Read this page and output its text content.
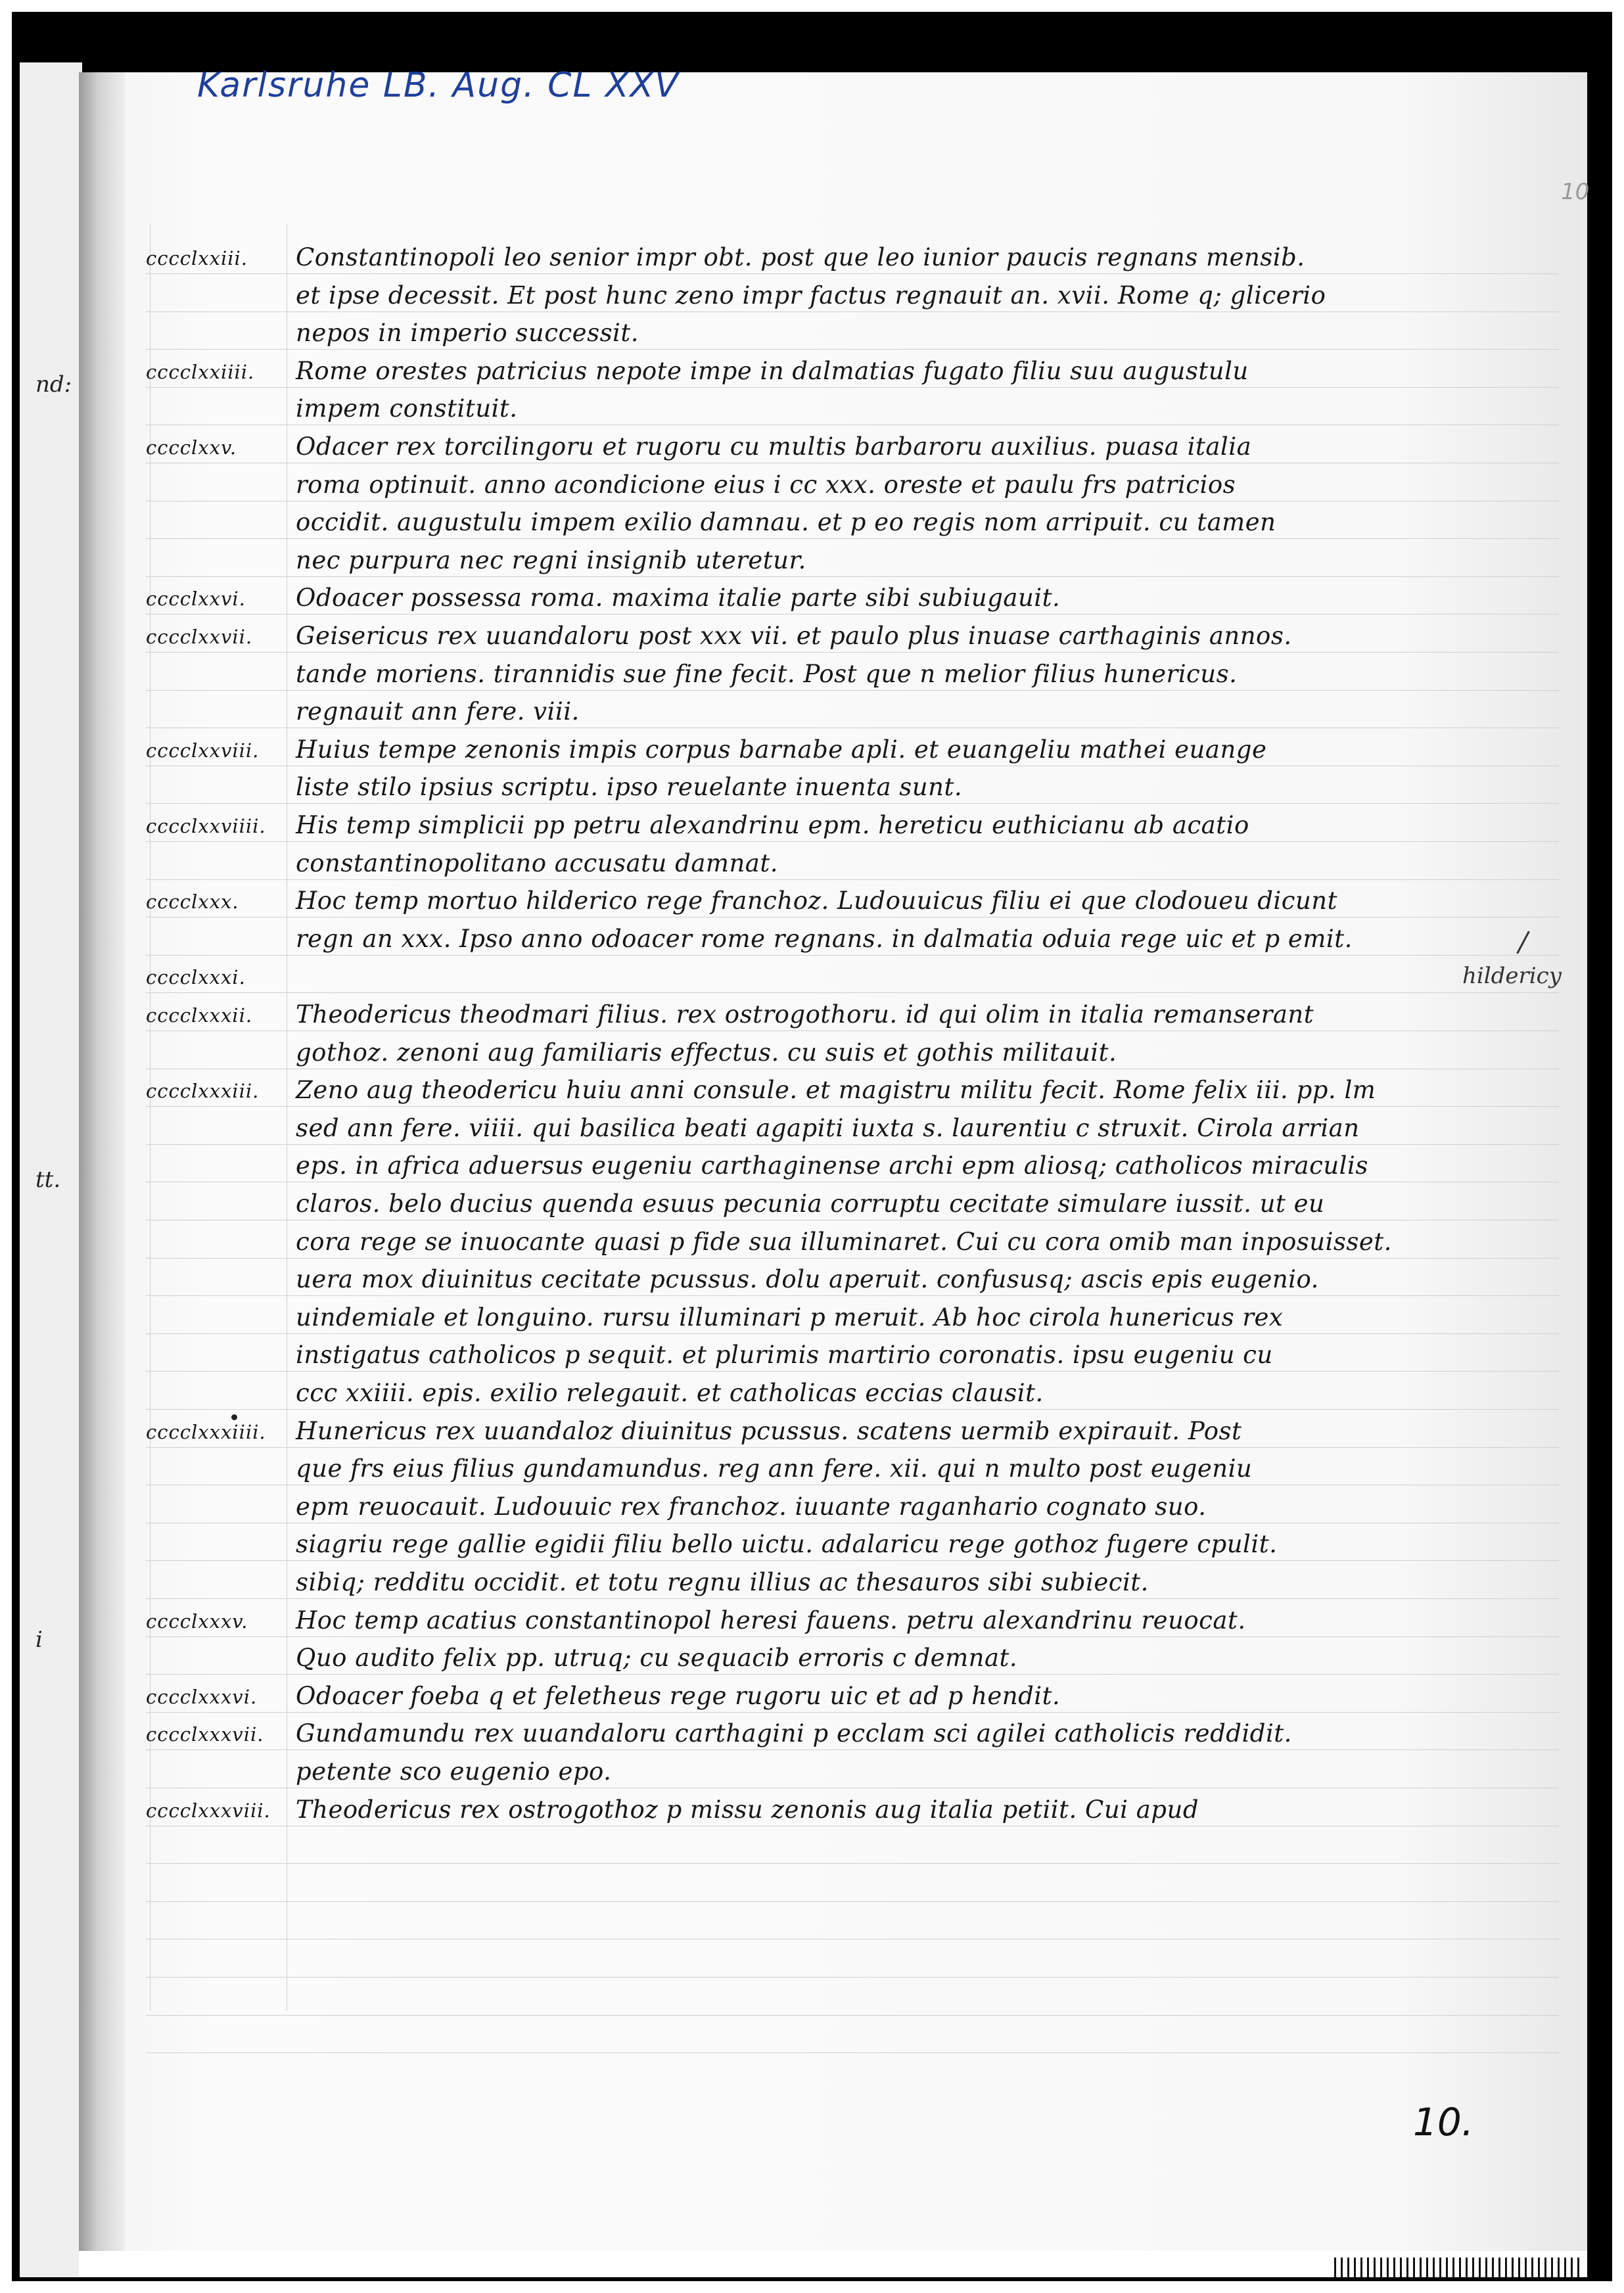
nd:
tt.
i
Karlsruhe LB. Aug. CL XXV
10
cccclxxiii. Constantinopoli leo senior impr obt. post que leo iunior paucis regnans mensib.
et ipse decessit. Et post hunc zeno impr factus regnauit an. xvii. Rome q; glicerio
nepos in imperio successit.
cccclxxiiii. Rome orestes patricius nepote impe in dalmatias fugato filiu suu augustulu
impem constituit.
cccclxxv. Odacer rex torcilingoru et rugoru cu multis barbaroru auxilius. puasa italia
roma optinuit. anno acondicione eius i cc xxx. oreste et paulu frs patricios
occidit. augustulu impem exilio damnau. et p eo regis nom arripuit. cu tamen
nec purpura nec regni insignib uteretur.
cccclxxvi. Odoacer possessa roma. maxima italie parte sibi subiugauit.
cccclxxvii. Geisericus rex uuandaloru post xxx vii. et paulo plus inuase carthaginis annos.
tande moriens. tirannidis sue fine fecit. Post que n melior filius hunericus.
regnauit ann fere. viii.
cccclxxviii. Huius tempe zenonis impis corpus barnabe apli. et euangeliu mathei euange
liste stilo ipsius scriptu. ipso reuelante inuenta sunt.
cccclxxviiii. His temp simplicii pp petru alexandrinu epm. hereticu euthicianu ab acatio
constantinopolitano accusatu damnat.
cccclxxx. Hoc temp mortuo hilderico rege franchoz. Ludouuicus filiu ei que clodoueu dicunt
regn an xxx. Ipso anno odoacer rome regnans. in dalmatia oduia rege uic et p emit.
cccclxxxi.
cccclxxxii. Theodericus theodmari filius. rex ostrogothoru. id qui olim in italia remanserant
gothoz. zenoni aug familiaris effectus. cu suis et gothis militauit.
cccclxxxiii. Zeno aug theodericu huiu anni consule. et magistru militu fecit. Rome felix iii. pp. lm
sed ann fere. viiii. qui basilica beati agapiti iuxta s. laurentiu c struxit. Cirola arrian
eps. in africa aduersus eugeniu carthaginense archi epm aliosq; catholicos miraculis
claros. belo ducius quenda esuus pecunia corruptu cecitate simulare iussit. ut eu
cora rege se inuocante quasi p fide sua illuminaret. Cui cu cora omib man inposuisset.
uera mox diuinitus cecitate pcussus. dolu aperuit. confususq; ascis epis eugenio.
uindemiale et longuino. rursu illuminari p meruit. Ab hoc cirola hunericus rex
instigatus catholicos p sequit. et plurimis martirio coronatis. ipsu eugeniu cu
ccc xxiiii. epis. exilio relegauit. et catholicas eccias clausit.
cccclxxxiiii. Hunericus rex uuandaloz diuinitus pcussus. scatens uermib expirauit. Post
que frs eius filius gundamundus. reg ann fere. xii. qui n multo post eugeniu
epm reuocauit. Ludouuic rex franchoz. iuuante raganhario cognato suo.
siagriu rege gallie egidii filiu bello uictu. adalaricu rege gothoz fugere cpulit.
sibiq; redditu occidit. et totu regnu illius ac thesauros sibi subiecit.
cccclxxxv. Hoc temp acatius constantinopol heresi fauens. petru alexandrinu reuocat.
Quo audito felix pp. utruq; cu sequacib erroris c demnat.
cccclxxxvi. Odoacer foeba q et feletheus rege rugoru uic et ad p hendit.
cccclxxxvii. Gundamundu rex uuandaloru carthagini p ecclam sci agilei catholicis reddidit.
petente sco eugenio epo.
cccclxxxviii. Theodericus rex ostrogothoz p missu zenonis aug italia petiit. Cui apud
hildericy
10.
